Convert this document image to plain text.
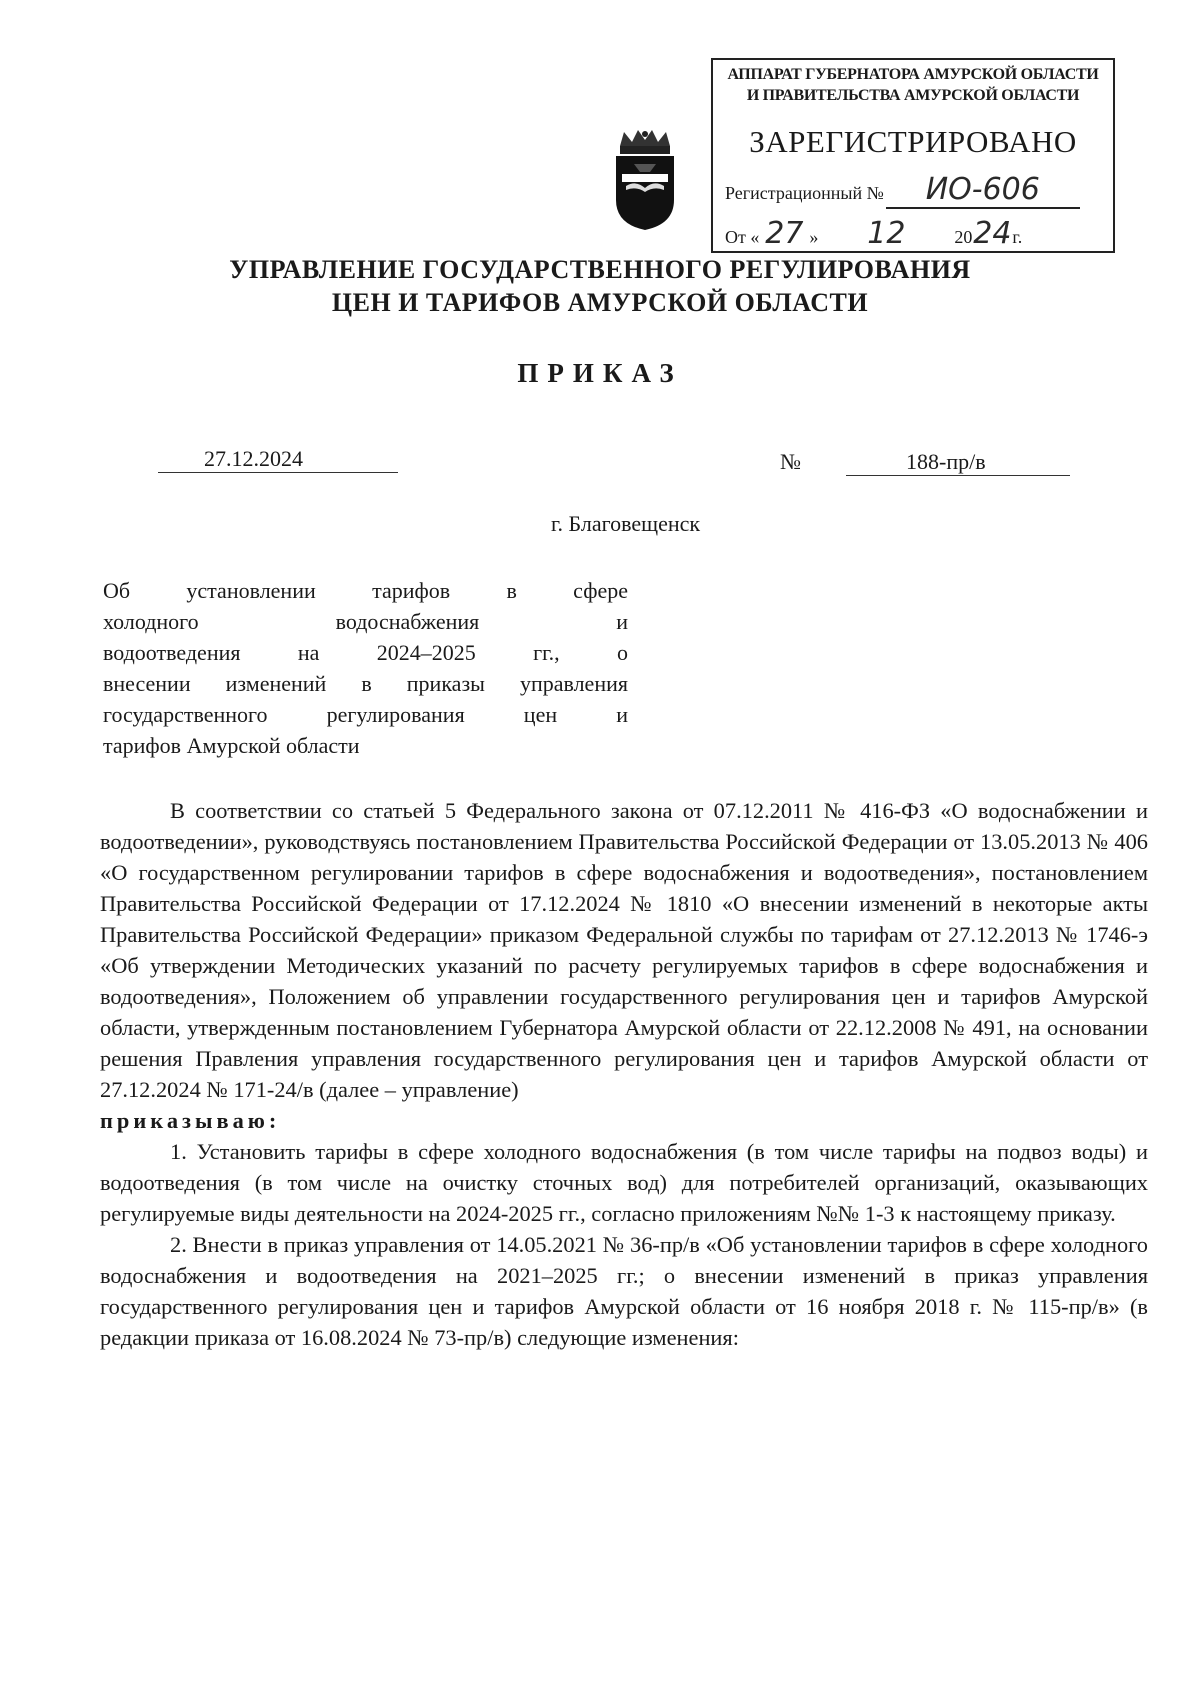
АППАРАТ ГУБЕРНАТОРА АМУРСКОЙ ОБЛАСТИ
И ПРАВИТЕЛЬСТВА АМУРСКОЙ ОБЛАСТИ
ЗАРЕГИСТРИРОВАНО
Регистрационный № ИО-606
От « 27 » 12	2024г.
УПРАВЛЕНИЕ ГОСУДАРСТВЕННОГО РЕГУЛИРОВАНИЯ
ЦЕН И ТАРИФОВ АМУРСКОЙ ОБЛАСТИ
ПРИКАЗ
27.12.2024	№	188-пр/в
г. Благовещенск
Об установлении тарифов в сфере
холодного водоснабжения и
водоотведения на 2024–2025 гг., о
внесении изменений в приказы управления
государственного регулирования цен и
тарифов Амурской области

В соответствии со статьей 5 Федерального закона от 07.12.2011 № 416-ФЗ «О водоснабжении и водоотведении», руководствуясь постановлением Правительства Российской Федерации от 13.05.2013 № 406 «О государственном регулировании тарифов в сфере водоснабжения и водоотведения», постановлением Правительства Российской Федерации от 17.12.2024 № 1810 «О внесении изменений в некоторые акты Правительства Российской Федерации» приказом Федеральной службы по тарифам от 27.12.2013 № 1746-э «Об утверждении Методических указаний по расчету регулируемых тарифов в сфере водоснабжения и водоотведения», Положением об управлении государственного регулирования цен и тарифов Амурской области, утвержденным постановлением Губернатора Амурской области от 22.12.2008 № 491, на основании решения Правления управления государственного регулирования цен и тарифов Амурской области от 27.12.2024 № 171-24/в (далее – управление)

приказываю:

1. Установить тарифы в сфере холодного водоснабжения (в том числе тарифы на подвоз воды) и водоотведения (в том числе на очистку сточных вод) для потребителей организаций, оказывающих регулируемые виды деятельности на 2024-2025 гг., согласно приложениям №№ 1-3 к настоящему приказу.

2. Внести в приказ управления от 14.05.2021 № 36-пр/в «Об установлении тарифов в сфере холодного водоснабжения и водоотведения на 2021–2025 гг.; о внесении изменений в приказ управления государственного регулирования цен и тарифов Амурской области от 16 ноября 2018 г. № 115-пр/в» (в редакции приказа от 16.08.2024 № 73-пр/в) следующие изменения:
